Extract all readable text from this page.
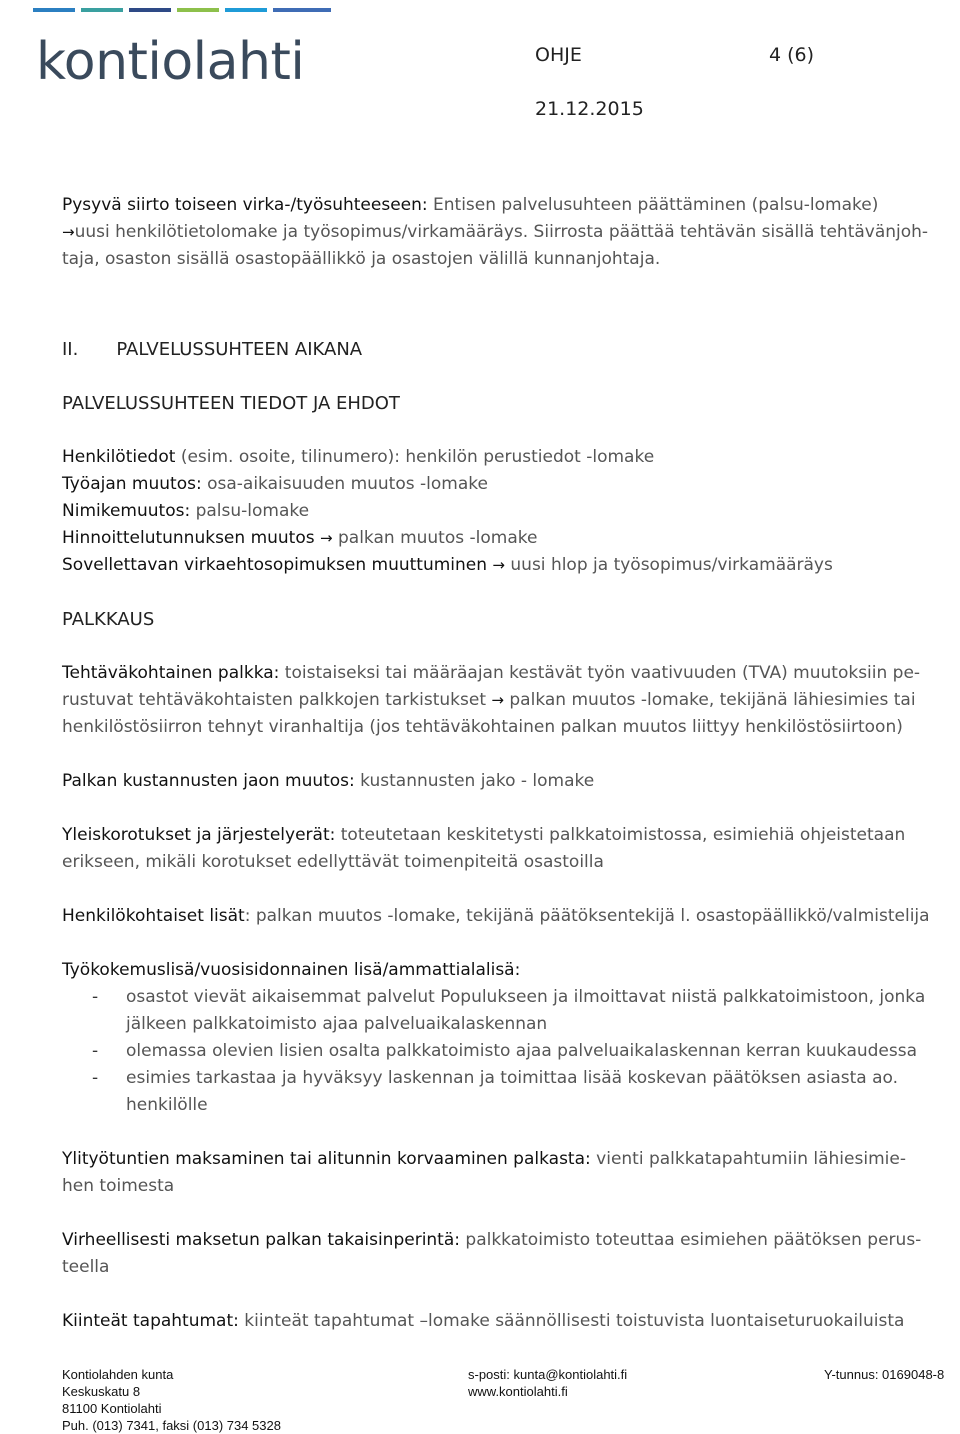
kontiolahti	OHJE	4 (6)
21.12.2015

Pysyvä siirto toiseen virka-/työsuhteeseen: Entisen palvelusuhteen päättäminen (palsu-lomake)
→uusi henkilötietolomake ja työsopimus/virkamääräys. Siirrosta päättää tehtävän sisällä tehtävänjoh-
taja, osaston sisällä osastopäällikkö ja osastojen välillä kunnanjohtaja.

II. PALVELUSSUHTEEN AIKANA

PALVELUSSUHTEEN TIEDOT JA EHDOT

Henkilötiedot (esim. osoite, tilinumero): henkilön perustiedot -lomake

Työajan muutos: osa-aikaisuuden muutos -lomake

Nimikemuutos: palsu-lomake

Hinnoittelutunnuksen muutos → palkan muutos -lomake

Sovellettavan virkaehtosopimuksen muuttuminen → uusi hlop ja työsopimus/virkamääräys

PALKKAUS

Tehtäväkohtainen palkka: toistaiseksi tai määräajan kestävät työn vaativuuden (TVA) muutoksiin pe-
rustuvat tehtäväkohtaisten palkkojen tarkistukset → palkan muutos -lomake, tekijänä lähiesimies tai
henkilöstösiirron tehnyt viranhaltija (jos tehtäväkohtainen palkan muutos liittyy henkilöstösiirtoon)

Palkan kustannusten jaon muutos: kustannusten jako - lomake

Yleiskorotukset ja järjestelyerät: toteutetaan keskitetysti palkkatoimistossa, esimiehiä ohjeistetaan
erikseen, mikäli korotukset edellyttävät toimenpiteitä osastoilla

Henkilökohtaiset lisät: palkan muutos -lomake, tekijänä päätöksentekijä l. osastopäällikkö/valmistelija

Työkokemuslisä/vuosisidonnainen lisä/ammattialalisä:

- osastot vievät aikaisemmat palvelut Populukseen ja ilmoittavat niistä palkkatoimistoon, jonka
jälkeen palkkatoimisto ajaa palveluaikalaskennan
- olemassa olevien lisien osalta palkkatoimisto ajaa palveluaikalaskennan kerran kuukaudessa
- esimies tarkastaa ja hyväksyy laskennan ja toimittaa lisää koskevan päätöksen asiasta ao.
henkilölle

Ylityötuntien maksaminen tai alitunnin korvaaminen palkasta: vienti palkkatapahtumiin lähiesimie-
hen toimesta

Virheellisesti maksetun palkan takaisinperintä: palkkatoimisto toteuttaa esimiehen päätöksen perus-
teella

Kiinteät tapahtumat: kiinteät tapahtumat –lomake säännöllisesti toistuvista luontaiseturuokailuista

Kontiolahden kunta
Keskuskatu 8
81100 Kontiolahti
Puh. (013) 7341, faksi (013) 734 5328
s-posti: kunta@kontiolahti.fi
www.kontiolahti.fi
Y-tunnus: 0169048-8
